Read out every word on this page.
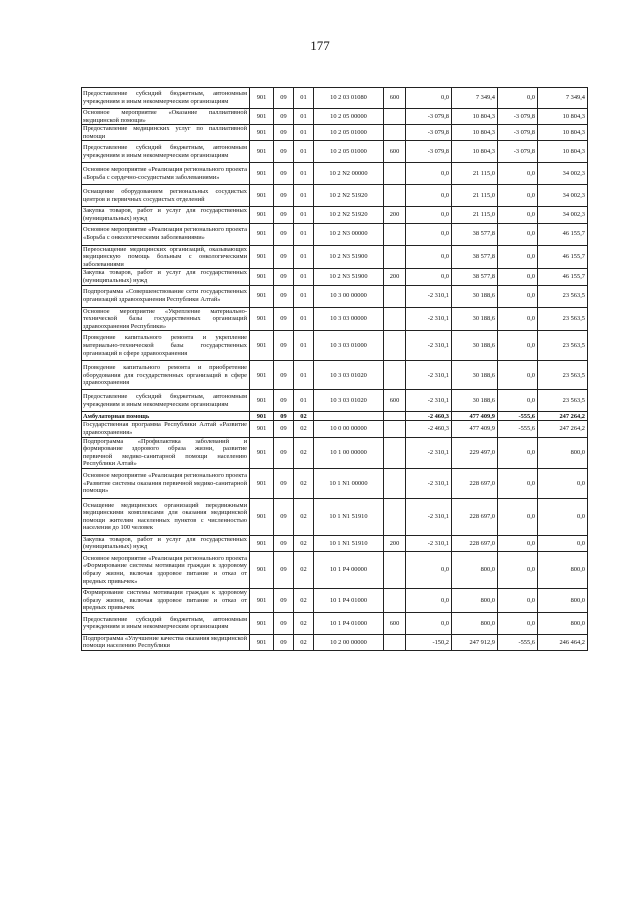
177
Предоставление субсидий бюджетным, автономным учреждениям и иным некоммерческим организациям	901	09	01	10 2 03 01080	600	0,0	7 349,4	0,0	7 349,4
Основное мероприятие «Оказание паллиативной медицинской помощи»	901	09	01	10 2 05 00000		-3 079,8	10 804,3	-3 079,8	10 804,3
Предоставление медицинских услуг по паллиативной помощи	901	09	01	10 2 05 01000		-3 079,8	10 804,3	-3 079,8	10 804,3
Предоставление субсидий бюджетным, автономным учреждениям и иным некоммерческим организациям	901	09	01	10 2 05 01000	600	-3 079,8	10 804,3	-3 079,8	10 804,3
Основное мероприятие «Реализация регионального проекта «Борьба с сердечно-сосудистыми заболеваниями»	901	09	01	10 2 N2 00000		0,0	21 115,0	0,0	34 002,3
Оснащение оборудованием региональных сосудистых центров и первичных сосудистых отделений	901	09	01	10 2 N2 51920		0,0	21 115,0	0,0	34 002,3
Закупка товаров, работ и услуг для государственных (муниципальных) нужд	901	09	01	10 2 N2 51920	200	0,0	21 115,0	0,0	34 002,3
Основное мероприятие «Реализация регионального проекта «Борьба с онкологическими заболеваниями»	901	09	01	10 2 N3 00000		0,0	38 577,8	0,0	46 155,7
Переоснащение медицинских организаций, оказывающих медицинскую помощь больным с онкологическими заболеваниями	901	09	01	10 2 N3 51900		0,0	38 577,8	0,0	46 155,7
Закупка товаров, работ и услуг для государственных (муниципальных) нужд	901	09	01	10 2 N3 51900	200	0,0	38 577,8	0,0	46 155,7
Подпрограмма «Совершенствование сети государственных организаций здравоохранения Республики Алтай»	901	09	01	10 3 00 00000		-2 310,1	30 188,6	0,0	23 563,5
Основное мероприятие «Укрепление материально-технической базы государственных организаций здравоохранения Республики»	901	09	01	10 3 03 00000		-2 310,1	30 188,6	0,0	23 563,5
Проведение капитального ремонта и укрепление материально-технической базы государственных организаций в сфере здравоохранения	901	09	01	10 3 03 01000		-2 310,1	30 188,6	0,0	23 563,5
Проведение капитального ремонта и приобретение оборудования для государственных организаций в сфере здравоохранения	901	09	01	10 3 03 01020		-2 310,1	30 188,6	0,0	23 563,5
Предоставление субсидий бюджетным, автономным учреждениям и иным некоммерческим организациям	901	09	01	10 3 03 01020	600	-2 310,1	30 188,6	0,0	23 563,5
Амбулаторная помощь	901	09	02			-2 460,3	477 409,9	-555,6	247 264,2
Государственная программа Республики Алтай «Развитие здравоохранения»	901	09	02	10 0 00 00000		-2 460,3	477 409,9	-555,6	247 264,2
Подпрограмма «Профилактика заболеваний и формирование здорового образа жизни, развитие первичной медико-санитарной помощи населению Республики Алтай»	901	09	02	10 1 00 00000		-2 310,1	229 497,0	0,0	800,0
Основное мероприятие «Реализация регионального проекта «Развитие системы оказания первичной медико-санитарной помощи»	901	09	02	10 1 N1 00000		-2 310,1	228 697,0	0,0	0,0
Оснащение медицинских организаций передвижными медицинскими комплексами для оказания медицинской помощи жителям населенных пунктов с численностью населения до 100 человек	901	09	02	10 1 N1 51910		-2 310,1	228 697,0	0,0	0,0
Закупка товаров, работ и услуг для государственных (муниципальных) нужд	901	09	02	10 1 N1 51910	200	-2 310,1	228 697,0	0,0	0,0
Основное мероприятие «Реализация регионального проекта «Формирование системы мотивации граждан к здоровому образу жизни, включая здоровое питание и отказ от вредных привычек»	901	09	02	10 1 P4 00000		0,0	800,0	0,0	800,0
Формирование системы мотивации граждан к здоровому образу жизни, включая здоровое питание и отказ от вредных привычек	901	09	02	10 1 P4 01000		0,0	800,0	0,0	800,0
Предоставление субсидий бюджетным, автономным учреждениям и иным некоммерческим организациям	901	09	02	10 1 P4 01000	600	0,0	800,0	0,0	800,0
Подпрограмма «Улучшение качества оказания медицинской помощи населению Республики	901	09	02	10 2 00 00000		-150,2	247 912,9	-555,6	246 464,2
